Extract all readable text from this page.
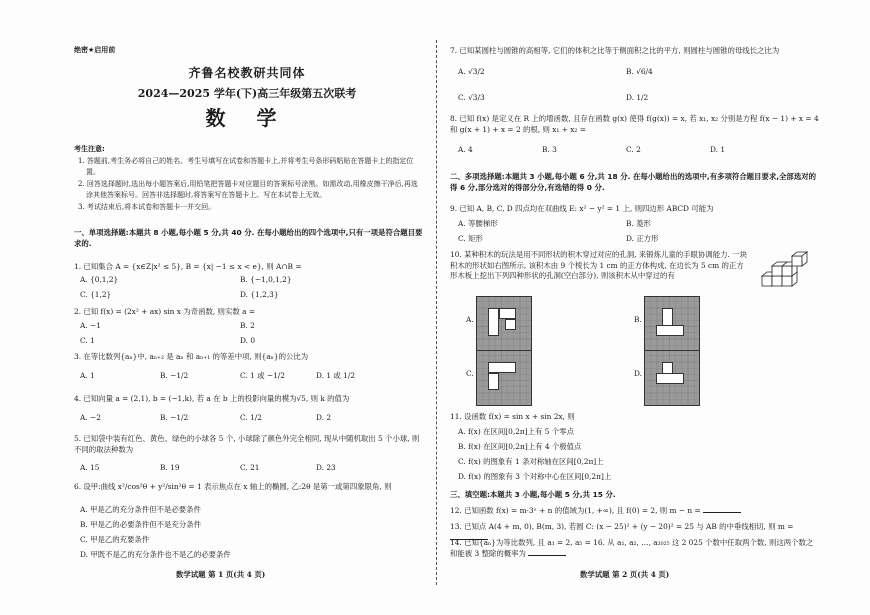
绝密★启用前
齐鲁名校教研共同体
2024—2025 学年(下)高三年级第五次联考
数 学
考生注意:
1. 答题前,考生务必将自己的姓名、考生号填写在试卷和答题卡上,并将考生号条形码粘贴在答题卡上的指定位置。
2. 回答选择题时,选出每小题答案后,用铅笔把答题卡对应题目的答案标号涂黑。如需改动,用橡皮擦干净后,再选涂其他答案标号。回答非选择题时,将答案写在答题卡上。写在本试卷上无效。
3. 考试结束后,将本试卷和答题卡一并交回。
一、单项选择题:本题共 8 小题,每小题 5 分,共 40 分. 在每小题给出的四个选项中,只有一项是符合题目要求的.
1. 已知集合 A = {x∈Z|x² ≤ 5}, B = {x| −1 ≤ x < e}, 则 A∩B =
A. {0,1,2}	B. {−1,0,1,2}
C. {1,2}	D. {1,2,3}
2. 已知 f(x) = (2x² + ax) sin x 为奇函数, 则实数 a =
A. −1	B. 2
C. 1	D. 0
3. 在等比数列{aₙ}中, aₙ₊₂ 是 aₙ 和 aₙ₊₁ 的等差中项, 则{aₙ}的公比为
A. 1	B. −1/2	C. 1 或 −1/2	D. 1 或 1/2
4. 已知向量 a = (2,1), b = (−1,k), 若 a 在 b 上的投影向量的模为√5, 则 k 的值为
A. −2	B. −1/2	C. 1/2	D. 2
5. 已知袋中装有红色、黄色、绿色的小球各 5 个, 小球除了颜色外完全相同, 现从中随机取出 5 个小球, 则不同的取法种数为
A. 15	B. 19	C. 21	D. 23
6. 设甲:曲线 x²/cos²θ + y²/sin²θ = 1 表示焦点在 x 轴上的椭圆, 乙:2θ 是第一或第四象限角, 则
A. 甲是乙的充分条件但不是必要条件
B. 甲是乙的必要条件但不是充分条件
C. 甲是乙的充要条件
D. 甲既不是乙的充分条件也不是乙的必要条件
数学试题 第 1 页(共 4 页)
7. 已知某圆柱与圆锥的高相等, 它们的体积之比等于侧面积之比的平方, 则圆柱与圆锥的母线长之比为
A. √3/2	B. √6/4
C. √3/3	D. 1/2
8. 已知 f(x) 是定义在 R 上的增函数, 且存在函数 g(x) 使得 f(g(x)) = x, 若 x₁, x₂ 分别是方程 f(x − 1) + x = 4 和 g(x + 1) + x = 2 的根, 则 x₁ + x₂ =
A. 4	B. 3	C. 2	D. 1
二、多项选择题:本题共 3 小题,每小题 6 分,共 18 分. 在每小题给出的选项中,有多项符合题目要求,全部选对的得 6 分,部分选对的得部分分,有选错的得 0 分.
9. 已知 A, B, C, D 四点均在双曲线 E: x² − y² = 1 上, 则四边形 ABCD 可能为
A. 等腰梯形	B. 菱形
C. 矩形	D. 正方形
10. 某种积木的玩法是用不同形状的积木穿过对应的孔洞, 来锻炼儿童的手眼协调能力. 一块积木的形状如右图所示, 该积木由 9 个棱长为 1 cm 的正方体构成, 在边长为 5 cm 的正方形木板上挖出下列四种形状的孔洞(空白部分), 则该积木从中穿过的有
A.	B.
C.	D.
11. 设函数 f(x) = sin x + sin 2x, 则
A. f(x) 在区间[0,2π]上有 5 个零点
B. f(x) 在区间[0,2π]上有 4 个极值点
C. f(x) 的图象有 1 条对称轴在区间[0,2π]上
D. f(x) 的图象有 3 个对称中心在区间[0,2π]上
三、填空题:本题共 3 小题,每小题 5 分,共 15 分.
12. 已知函数 f(x) = m·3ˣ + n 的值域为(1, +∞), 且 f(0) = 2, 则 m − n =
13. 已知点 A(4 + m, 0), B(m, 3), 若圆 C: (x − 25)² + (y − 20)² = 25 与 AB 的中垂线相切, 则 m =
14. 已知{aₙ}为等比数列, 且 a₁ = 2, a₅ = 16. 从 a₁, a₂, …, a₂₀₂₅ 这 2 025 个数中任取两个数, 则这两个数之和能被 3 整除的概率为
数学试题 第 2 页(共 4 页)
